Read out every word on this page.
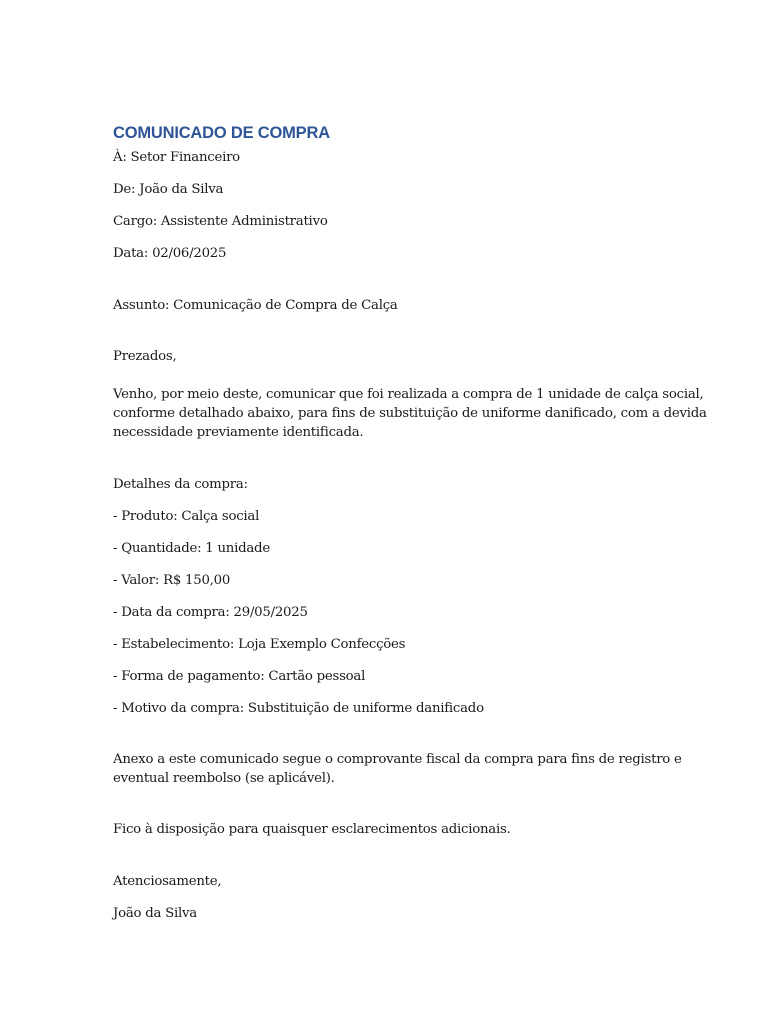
COMUNICADO DE COMPRA
À: Setor Financeiro
De: João da Silva
Cargo: Assistente Administrativo
Data: 02/06/2025
Assunto: Comunicação de Compra de Calça
Prezados,
Venho, por meio deste, comunicar que foi realizada a compra de 1 unidade de calça social,
conforme detalhado abaixo, para fins de substituição de uniforme danificado, com a devida
necessidade previamente identificada.
Detalhes da compra:
- Produto: Calça social
- Quantidade: 1 unidade
- Valor: R$ 150,00
- Data da compra: 29/05/2025
- Estabelecimento: Loja Exemplo Confecções
- Forma de pagamento: Cartão pessoal
- Motivo da compra: Substituição de uniforme danificado
Anexo a este comunicado segue o comprovante fiscal da compra para fins de registro e
eventual reembolso (se aplicável).
Fico à disposição para quaisquer esclarecimentos adicionais.
Atenciosamente,
João da Silva
